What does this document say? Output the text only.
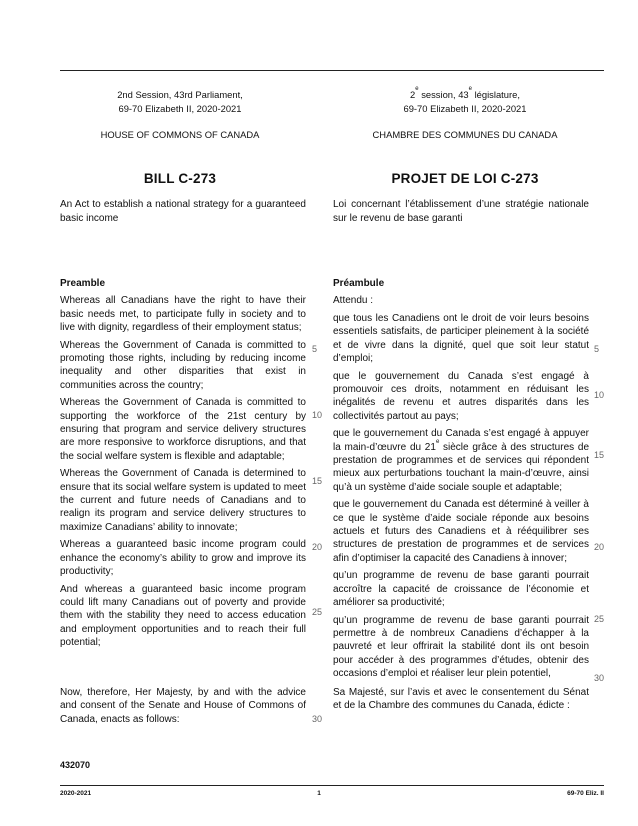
2nd Session, 43rd Parliament,
69-70 Elizabeth II, 2020-2021
HOUSE OF COMMONS OF CANADA
2e session, 43e législature,
69-70 Elizabeth II, 2020-2021
CHAMBRE DES COMMUNES DU CANADA
BILL C-273	PROJET DE LOI C-273
An Act to establish a national strategy for a guaranteed basic income
Loi concernant l’établissement d’une stratégie nationale sur le revenu de base garanti
Preamble

Whereas all Canadians have the right to have their basic needs met, to participate fully in society and to live with dignity, regardless of their employment status;

Whereas the Government of Canada is committed to promoting those rights, including by reducing income inequality and other disparities that exist in communities across the country;

Whereas the Government of Canada is committed to supporting the workforce of the 21st century by ensuring that program and service delivery structures are more responsive to workforce disruptions, and that the social welfare system is flexible and adaptable;

Whereas the Government of Canada is determined to ensure that its social welfare system is updated to meet the current and future needs of Canadians and to realign its program and service delivery structures to maximize Canadians’ ability to innovate;

Whereas a guaranteed basic income program could enhance the economy’s ability to grow and improve its productivity;

And whereas a guaranteed basic income program could lift many Canadians out of poverty and provide them with the stability they need to access education and employment opportunities and to reach their full potential;

Préambule

Attendu :

que tous les Canadiens ont le droit de voir leurs besoins essentiels satisfaits, de participer pleinement à la société et de vivre dans la dignité, quel que soit leur statut d’emploi;

que le gouvernement du Canada s’est engagé à promouvoir ces droits, notamment en réduisant les inégalités de revenu et autres disparités dans les collectivités partout au pays;

que le gouvernement du Canada s’est engagé à appuyer la main-d’œuvre du 21e siècle grâce à des structures de prestation de programmes et de services qui répondent mieux aux perturbations touchant la main-d’œuvre, ainsi qu’à un système d’aide sociale souple et adaptable;

que le gouvernement du Canada est déterminé à veiller à ce que le système d’aide sociale réponde aux besoins actuels et futurs des Canadiens et à rééquilibrer ses structures de prestation de programmes et de services afin d’optimiser la capacité des Canadiens à innover;

qu’un programme de revenu de base garanti pourrait accroître la capacité de croissance de l’économie et améliorer sa productivité;

qu’un programme de revenu de base garanti pourrait permettre à de nombreux Canadiens d’échapper à la pauvreté et leur offrirait la stabilité dont ils ont besoin pour accéder à des programmes d’études, obtenir des occasions d’emploi et réaliser leur plein potentiel,

Now, therefore, Her Majesty, by and with the advice and consent of the Senate and House of Commons of Canada, enacts as follows:
Sa Majesté, sur l’avis et avec le consentement du Sénat et de la Chambre des communes du Canada, édicte :
5
10
15
20
25
30
5
10
15
20
25
30
432070
2020-2021	1	69-70 Eliz. II
